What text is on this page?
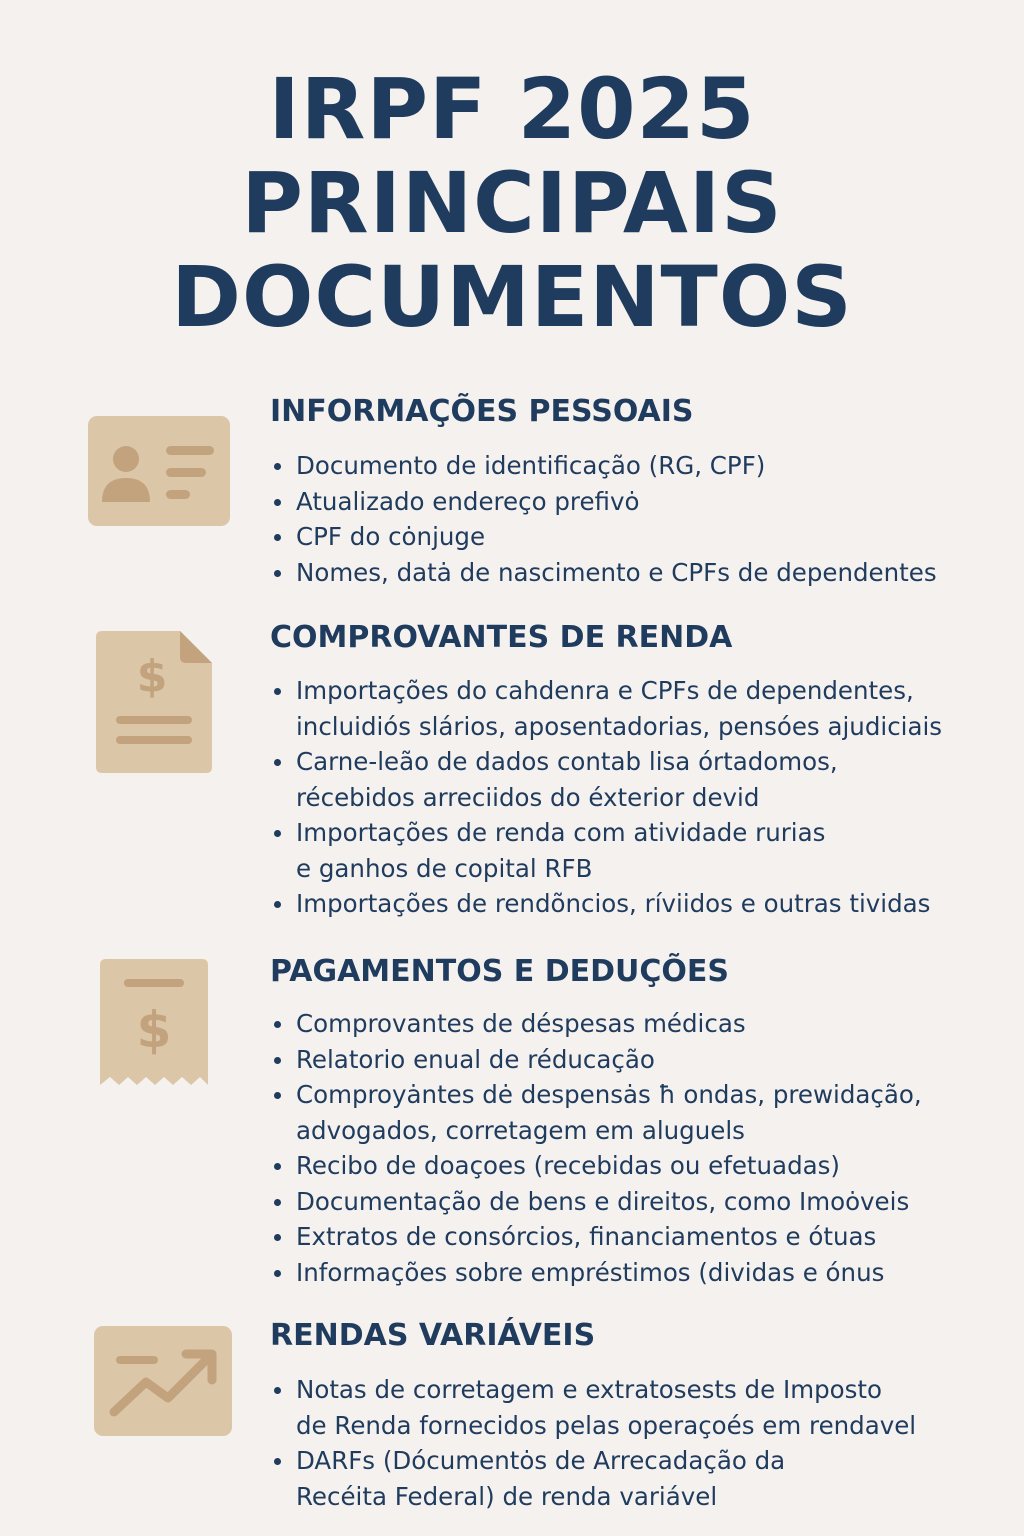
IRPF 2025
PRINCIPAIS
DOCUMENTOS
INFORMAÇÕES PESSOAIS
Documento de identificação (RG, CPF)
Atualizado endereço prefivȯ
CPF do cȯnjuge
Nomes, datȧ de nascimento e CPFs de dependentes
$
COMPROVANTES DE RENDA
Importações do cahdenra e CPFs de dependentes,
incluidiós slários, aposentadorias, pensóes ajudiciais
Carne-leão de dados contab lisa órtadomos,
récebidos arreciidos do éxterior devid
Importações de renda com atividade rurias
e ganhos de copital RFB
Importações de rendõncios, ríviidos e outras tividas
$
PAGAMENTOS E DEDUÇÕES
Comprovantes de déspesas médicas
Relatorio enual de réducação
Comproyȧntes dė despensȧs ħ ondas, prewidação,
advogados, corretagem em aluguels
Recibo de doaçoes (recebidas ou efetuadas)
Documentação de bens e direitos, como Imoȯveis
Extratos de consórcios, financiamentos e ótuas
Informações sobre empréstimos (dividas e ónus
RENDAS VARIÁVEIS
Notas de corretagem e extratosests de Imposto
de Renda fornecidos pelas operaçoés em rendavel
DARFs (Dócumentȯs de Arrecadação da
Recéita Federal) de renda variável
